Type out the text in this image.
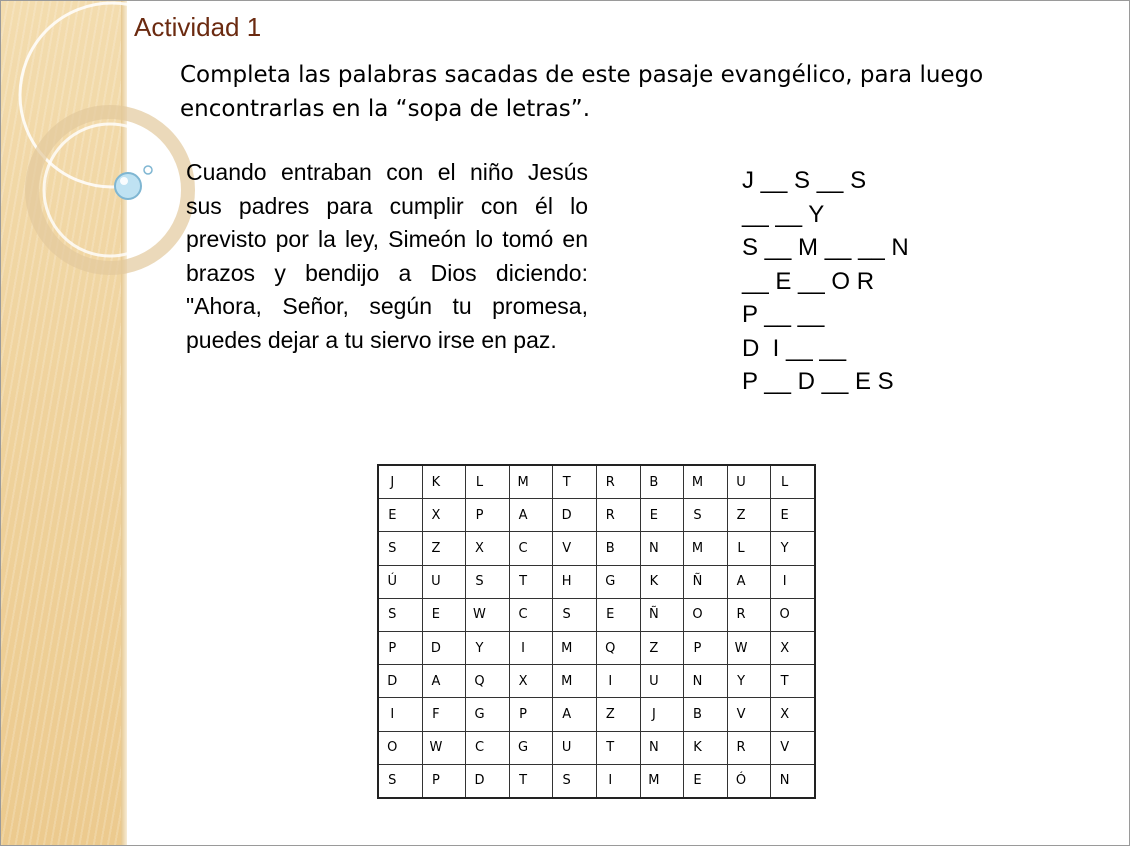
Actividad 1
Completa las palabras sacadas de este pasaje evangélico, para luego encontrarlas en la “sopa de letras”.
Cuando entraban con el niño Jesús sus padres para cumplir con él lo previsto por la ley, Simeón lo tomó en brazos y bendijo a Dios diciendo: "Ahora, Señor, según tu promesa, puedes dejar a tu siervo irse en paz.
J __ S __ S
__ __ Y
S __ M __ __ N
__ E __ O R
P __ __
D  I __ __
P __ D __ E S
J	K	L	M	T	R	B	M	U	L
E	X	P	A	D	R	E	S	Z	E
S	Z	X	C	V	B	N	M	L	Y
Ú	U	S	T	H	G	K	Ñ	A	I
S	E	W	C	S	E	Ñ	O	R	O
P	D	Y	I	M	Q	Z	P	W	X
D	A	Q	X	M	I	U	N	Y	T
I	F	G	P	A	Z	J	B	V	X
O	W	C	G	U	T	N	K	R	V
S	P	D	T	S	I	M	E	Ó	N
